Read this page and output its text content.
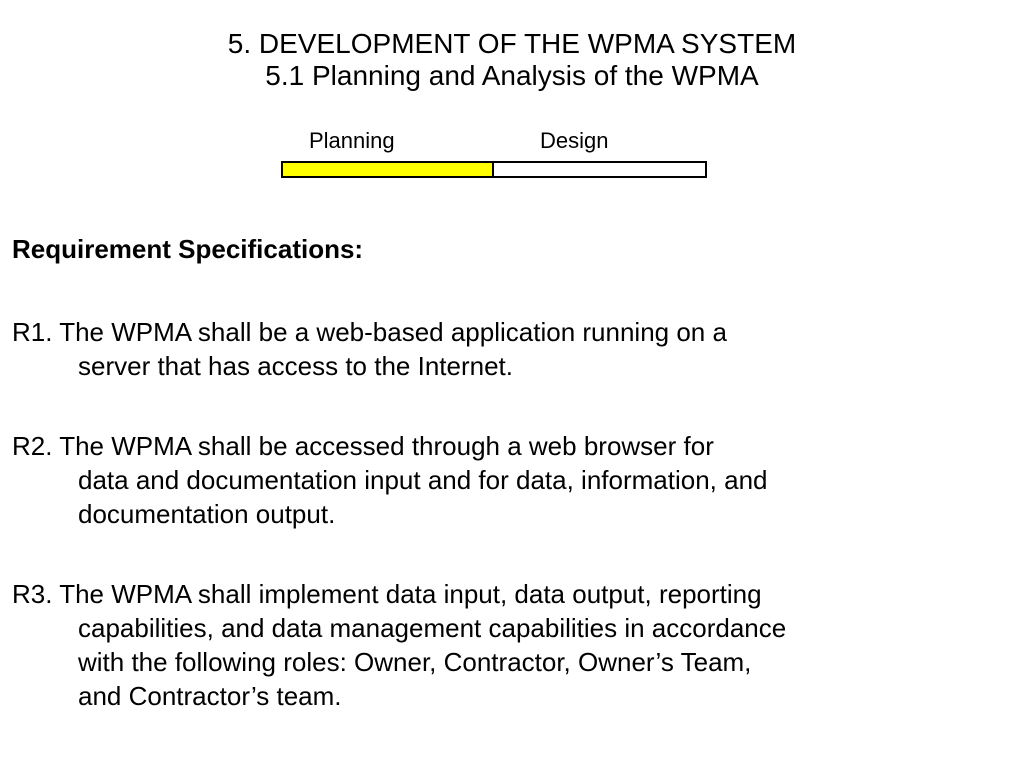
5. DEVELOPMENT OF THE WPMA SYSTEM
5.1 Planning and Analysis of the WPMA
Planning	Design
Requirement Specifications:

R1. The WPMA shall be a web-based application running on a
server that has access to the Internet.

R2. The WPMA shall be accessed through a web browser for
data and documentation input and for data, information, and
documentation output.

R3. The WPMA shall implement data input, data output, reporting
capabilities, and data management capabilities in accordance
with the following roles: Owner, Contractor, Owner’s Team,
and Contractor’s team.
